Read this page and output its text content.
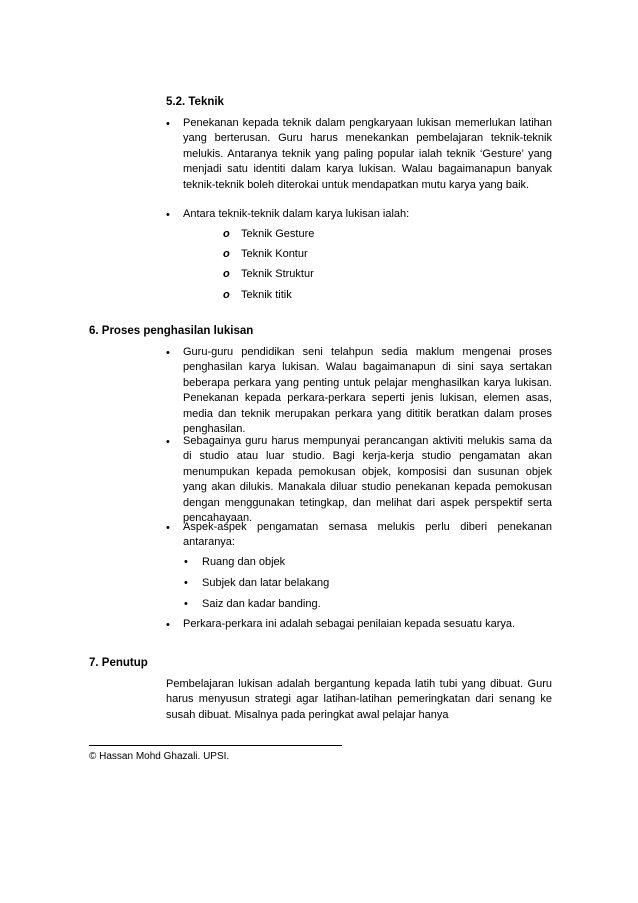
5.2. Teknik
•	Penekanan kepada teknik dalam pengkaryaan lukisan memerlukan latihan yang berterusan. Guru harus menekankan pembelajaran teknik-teknik melukis. Antaranya teknik yang paling popular ialah teknik ‘Gesture’ yang menjadi satu identiti dalam karya lukisan. Walau bagaimanapun banyak teknik-teknik boleh diterokai untuk mendapatkan mutu karya yang baik.
•	Antara teknik-teknik dalam karya lukisan ialah:
o Teknik Gesture
o Teknik Kontur
o Teknik Struktur
o Teknik titik
6. Proses penghasilan lukisan
•	Guru-guru pendidikan seni telahpun sedia maklum mengenai proses penghasilan karya lukisan. Walau bagaimanapun di sini saya sertakan beberapa perkara yang penting untuk pelajar menghasilkan karya lukisan. Penekanan kepada perkara-perkara seperti jenis lukisan, elemen asas, media dan teknik merupakan perkara yang dititik beratkan dalam proses penghasilan.
•	Sebagainya guru harus mempunyai perancangan aktiviti melukis sama da di studio atau luar studio. Bagi kerja-kerja studio pengamatan akan menumpukan kepada pemokusan objek, komposisi dan susunan objek yang akan dilukis. Manakala diluar studio penekanan kepada pemokusan dengan menggunakan tetingkap, dan melihat dari aspek perspektif serta pencahayaan.
•	Aspek-aspek pengamatan semasa melukis perlu diberi penekanan antaranya:
• Ruang dan objek
• Subjek dan latar belakang
• Saiz dan kadar banding.
•	Perkara-perkara ini adalah sebagai penilaian kepada sesuatu karya.
7. Penutup
Pembelajaran lukisan adalah bergantung kepada latih tubi yang dibuat. Guru harus menyusun strategi agar latihan-latihan pemeringkatan dari senang ke susah dibuat. Misalnya pada peringkat awal pelajar hanya
© Hassan Mohd Ghazali. UPSI.
